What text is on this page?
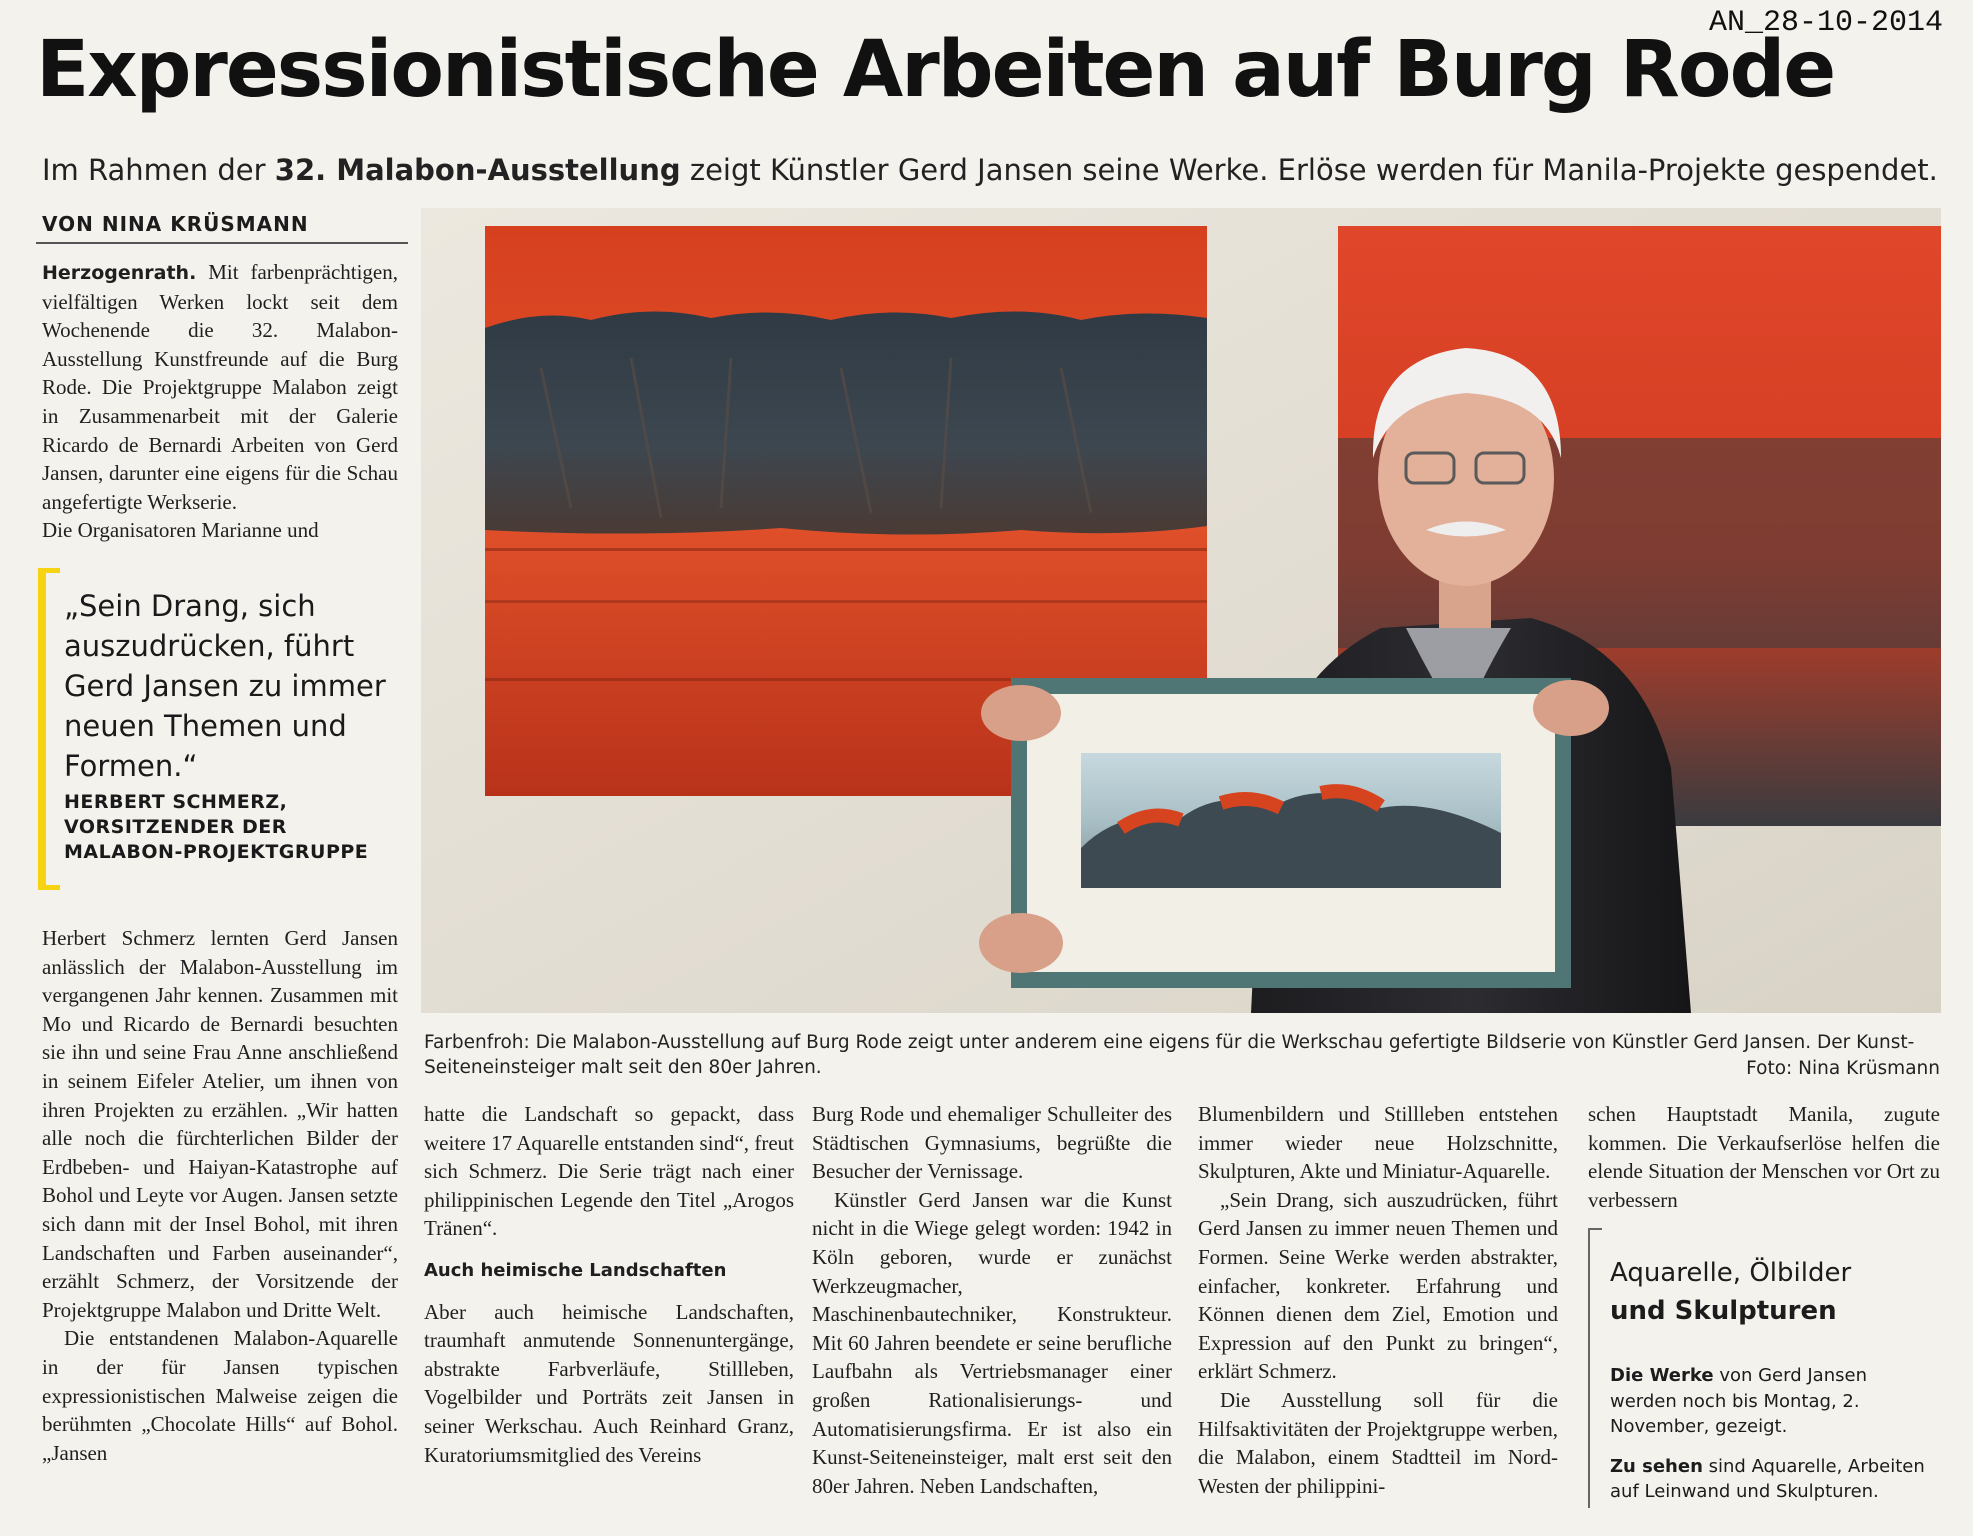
AN_28-10-2014
Expressionistische Arbeiten auf Burg Rode
Im Rahmen der 32. Malabon-Ausstellung zeigt Künstler Gerd Jansen seine Werke. Erlöse werden für Manila-Projekte gespendet.
VON NINA KRÜSMANN

Herzogenrath. Mit farbenprächtigen, vielfältigen Werken lockt seit dem Wochenende die 32. Malabon-Ausstellung Kunstfreunde auf die Burg Rode. Die Projektgruppe Malabon zeigt in Zusammenarbeit mit der Galerie Ricardo de Bernardi Arbeiten von Gerd Jansen, darunter eine eigens für die Schau angefertigte Werkserie.

Die Organisatoren Marianne und

„Sein Drang, sich auszudrücken, führt Gerd Jansen zu immer neuen Themen und Formen.“
HERBERT SCHMERZ,
VORSITZENDER DER
MALABON-PROJEKTGRUPPE

Herbert Schmerz lernten Gerd Jansen anlässlich der Malabon-Ausstellung im vergangenen Jahr kennen. Zusammen mit Mo und Ricardo de Bernardi besuchten sie ihn und seine Frau Anne anschließend in seinem Eifeler Atelier, um ihnen von ihren Projekten zu erzählen. „Wir hatten alle noch die fürchterlichen Bilder der Erdbeben- und Haiyan-Katastrophe auf Bohol und Leyte vor Augen. Jansen setzte sich dann mit der Insel Bohol, mit ihren Landschaften und Farben auseinander“, erzählt Schmerz, der Vorsitzende der Projektgruppe Malabon und Dritte Welt.

Die entstandenen Malabon-Aquarelle in der für Jansen typischen expressionistischen Malweise zeigen die berühmten „Chocolate Hills“ auf Bohol. „Jansen

Farbenfroh: Die Malabon-Ausstellung auf Burg Rode zeigt unter anderem eine eigens für die Werkschau gefertigte Bildserie von Künstler Gerd Jansen. Der Kunst-Seiteneinsteiger malt seit den 80er Jahren.	Foto: Nina Krüsmann

hatte die Landschaft so gepackt, dass weitere 17 Aquarelle entstanden sind“, freut sich Schmerz. Die Serie trägt nach einer philippinischen Legende den Titel „Arogos Tränen“.

Auch heimische Landschaften

Aber auch heimische Landschaften, traumhaft anmutende Sonnenuntergänge, abstrakte Farbverläufe, Stillleben, Vogelbilder und Porträts zeit Jansen in seiner Werkschau. Auch Reinhard Granz, Kuratoriumsmitglied des Vereins

Burg Rode und ehemaliger Schulleiter des Städtischen Gymnasiums, begrüßte die Besucher der Vernissage.

Künstler Gerd Jansen war die Kunst nicht in die Wiege gelegt worden: 1942 in Köln geboren, wurde er zunächst Werkzeugmacher, Maschinenbautechniker, Konstrukteur. Mit 60 Jahren beendete er seine berufliche Laufbahn als Vertriebsmanager einer großen Rationalisierungs- und Automatisierungsfirma. Er ist also ein Kunst-Seiteneinsteiger, malt erst seit den 80er Jahren. Neben Landschaften,

Blumenbildern und Stillleben entstehen immer wieder neue Holzschnitte, Skulpturen, Akte und Miniatur-Aquarelle.

„Sein Drang, sich auszudrücken, führt Gerd Jansen zu immer neuen Themen und Formen. Seine Werke werden abstrakter, einfacher, konkreter. Erfahrung und Können dienen dem Ziel, Emotion und Expression auf den Punkt zu bringen“, erklärt Schmerz.

Die Ausstellung soll für die Hilfsaktivitäten der Projektgruppe werben, die Malabon, einem Stadtteil im Nord-Westen der philippini-

schen Hauptstadt Manila, zugute kommen. Die Verkaufserlöse helfen die elende Situation der Menschen vor Ort zu verbessern

Aquarelle, Ölbilder
und Skulpturen

Die Werke von Gerd Jansen werden noch bis Montag, 2. November, gezeigt.

Zu sehen sind Aquarelle, Arbeiten auf Leinwand und Skulpturen.
